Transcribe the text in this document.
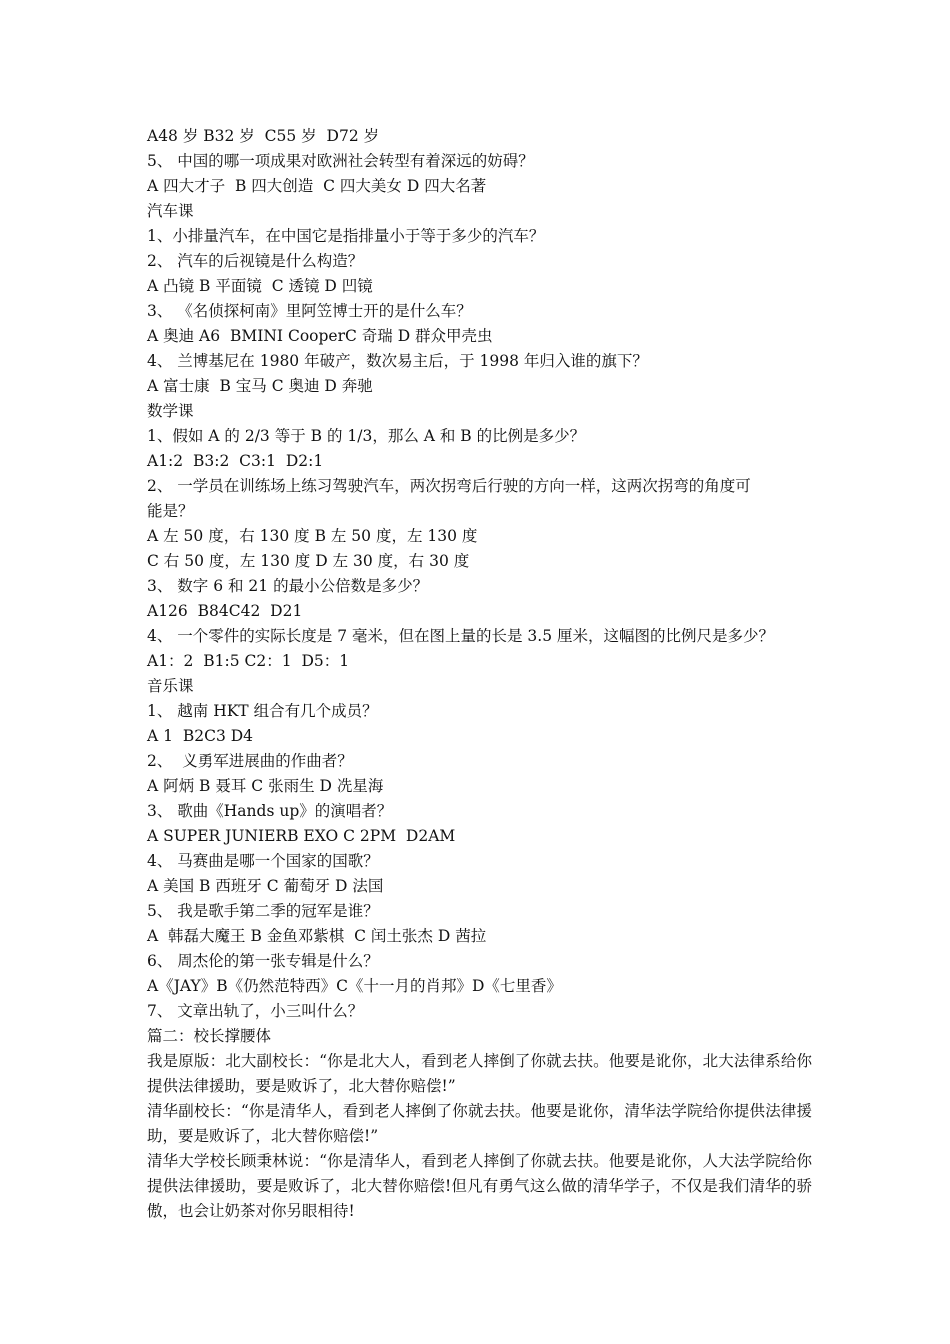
A48 岁 B32 岁  C55 岁  D72 岁
5、 中国的哪一项成果对欧洲社会转型有着深远的妨碍？
A 四大才子  B 四大创造  C 四大美女 D 四大名著
汽车课
1、小排量汽车，在中国它是指排量小于等于多少的汽车？
2、 汽车的后视镜是什么构造？
A 凸镜 B 平面镜  C 透镜 D 凹镜
3、 《名侦探柯南》里阿笠博士开的是什么车？
A 奥迪 A6  BMINI CooperC 奇瑞 D 群众甲壳虫
4、 兰博基尼在 1980 年破产，数次易主后，于 1998 年归入谁的旗下？
A 富士康  B 宝马 C 奥迪 D 奔驰
数学课
1、假如 A 的 2/3 等于 B 的 1/3，那么 A 和 B 的比例是多少？
A1:2  B3:2  C3:1  D2:1
2、 一学员在训练场上练习驾驶汽车，两次拐弯后行驶的方向一样，这两次拐弯的角度可
能是？
A 左 50 度，右 130 度 B 左 50 度，左 130 度
C 右 50 度，左 130 度 D 左 30 度，右 30 度
3、 数字 6 和 21 的最小公倍数是多少？
A126  B84C42  D21
4、 一个零件的实际长度是 7 毫米，但在图上量的长是 3.5 厘米，这幅图的比例尺是多少？
A1：2  B1:5 C2：1  D5：1
音乐课
1、 越南 HKT 组合有几个成员？
A 1  B2C3 D4
2、  义勇军进展曲的作曲者？
A 阿炳 B 聂耳 C 张雨生 D 冼星海
3、 歌曲《Hands up》的演唱者？
A SUPER JUNIERB EXO C 2PM  D2AM
4、 马赛曲是哪一个国家的国歌？
A 美国 B 西班牙 C 葡萄牙 D 法国
5、 我是歌手第二季的冠军是谁？
A  韩磊大魔王 B 金鱼邓紫棋  C 闰土张杰 D 茜拉
6、 周杰伦的第一张专辑是什么？
A《JAY》B《仍然范特西》C《十一月的肖邦》D《七里香》
7、 文章出轨了，小三叫什么？
篇二：校长撑腰体

我是原版：北大副校长：“你是北大人，看到老人摔倒了你就去扶。他要是讹你，北大法律系给你提供法律援助，要是败诉了，北大替你赔偿!”

清华副校长：“你是清华人，看到老人摔倒了你就去扶。他要是讹你，清华法学院给你提供法律援助，要是败诉了，北大替你赔偿!”

清华大学校长顾秉林说：“你是清华人，看到老人摔倒了你就去扶。他要是讹你，人大法学院给你提供法律援助，要是败诉了，北大替你赔偿!但凡有勇气这么做的清华学子，不仅是我们清华的骄傲，也会让奶茶对你另眼相待!
